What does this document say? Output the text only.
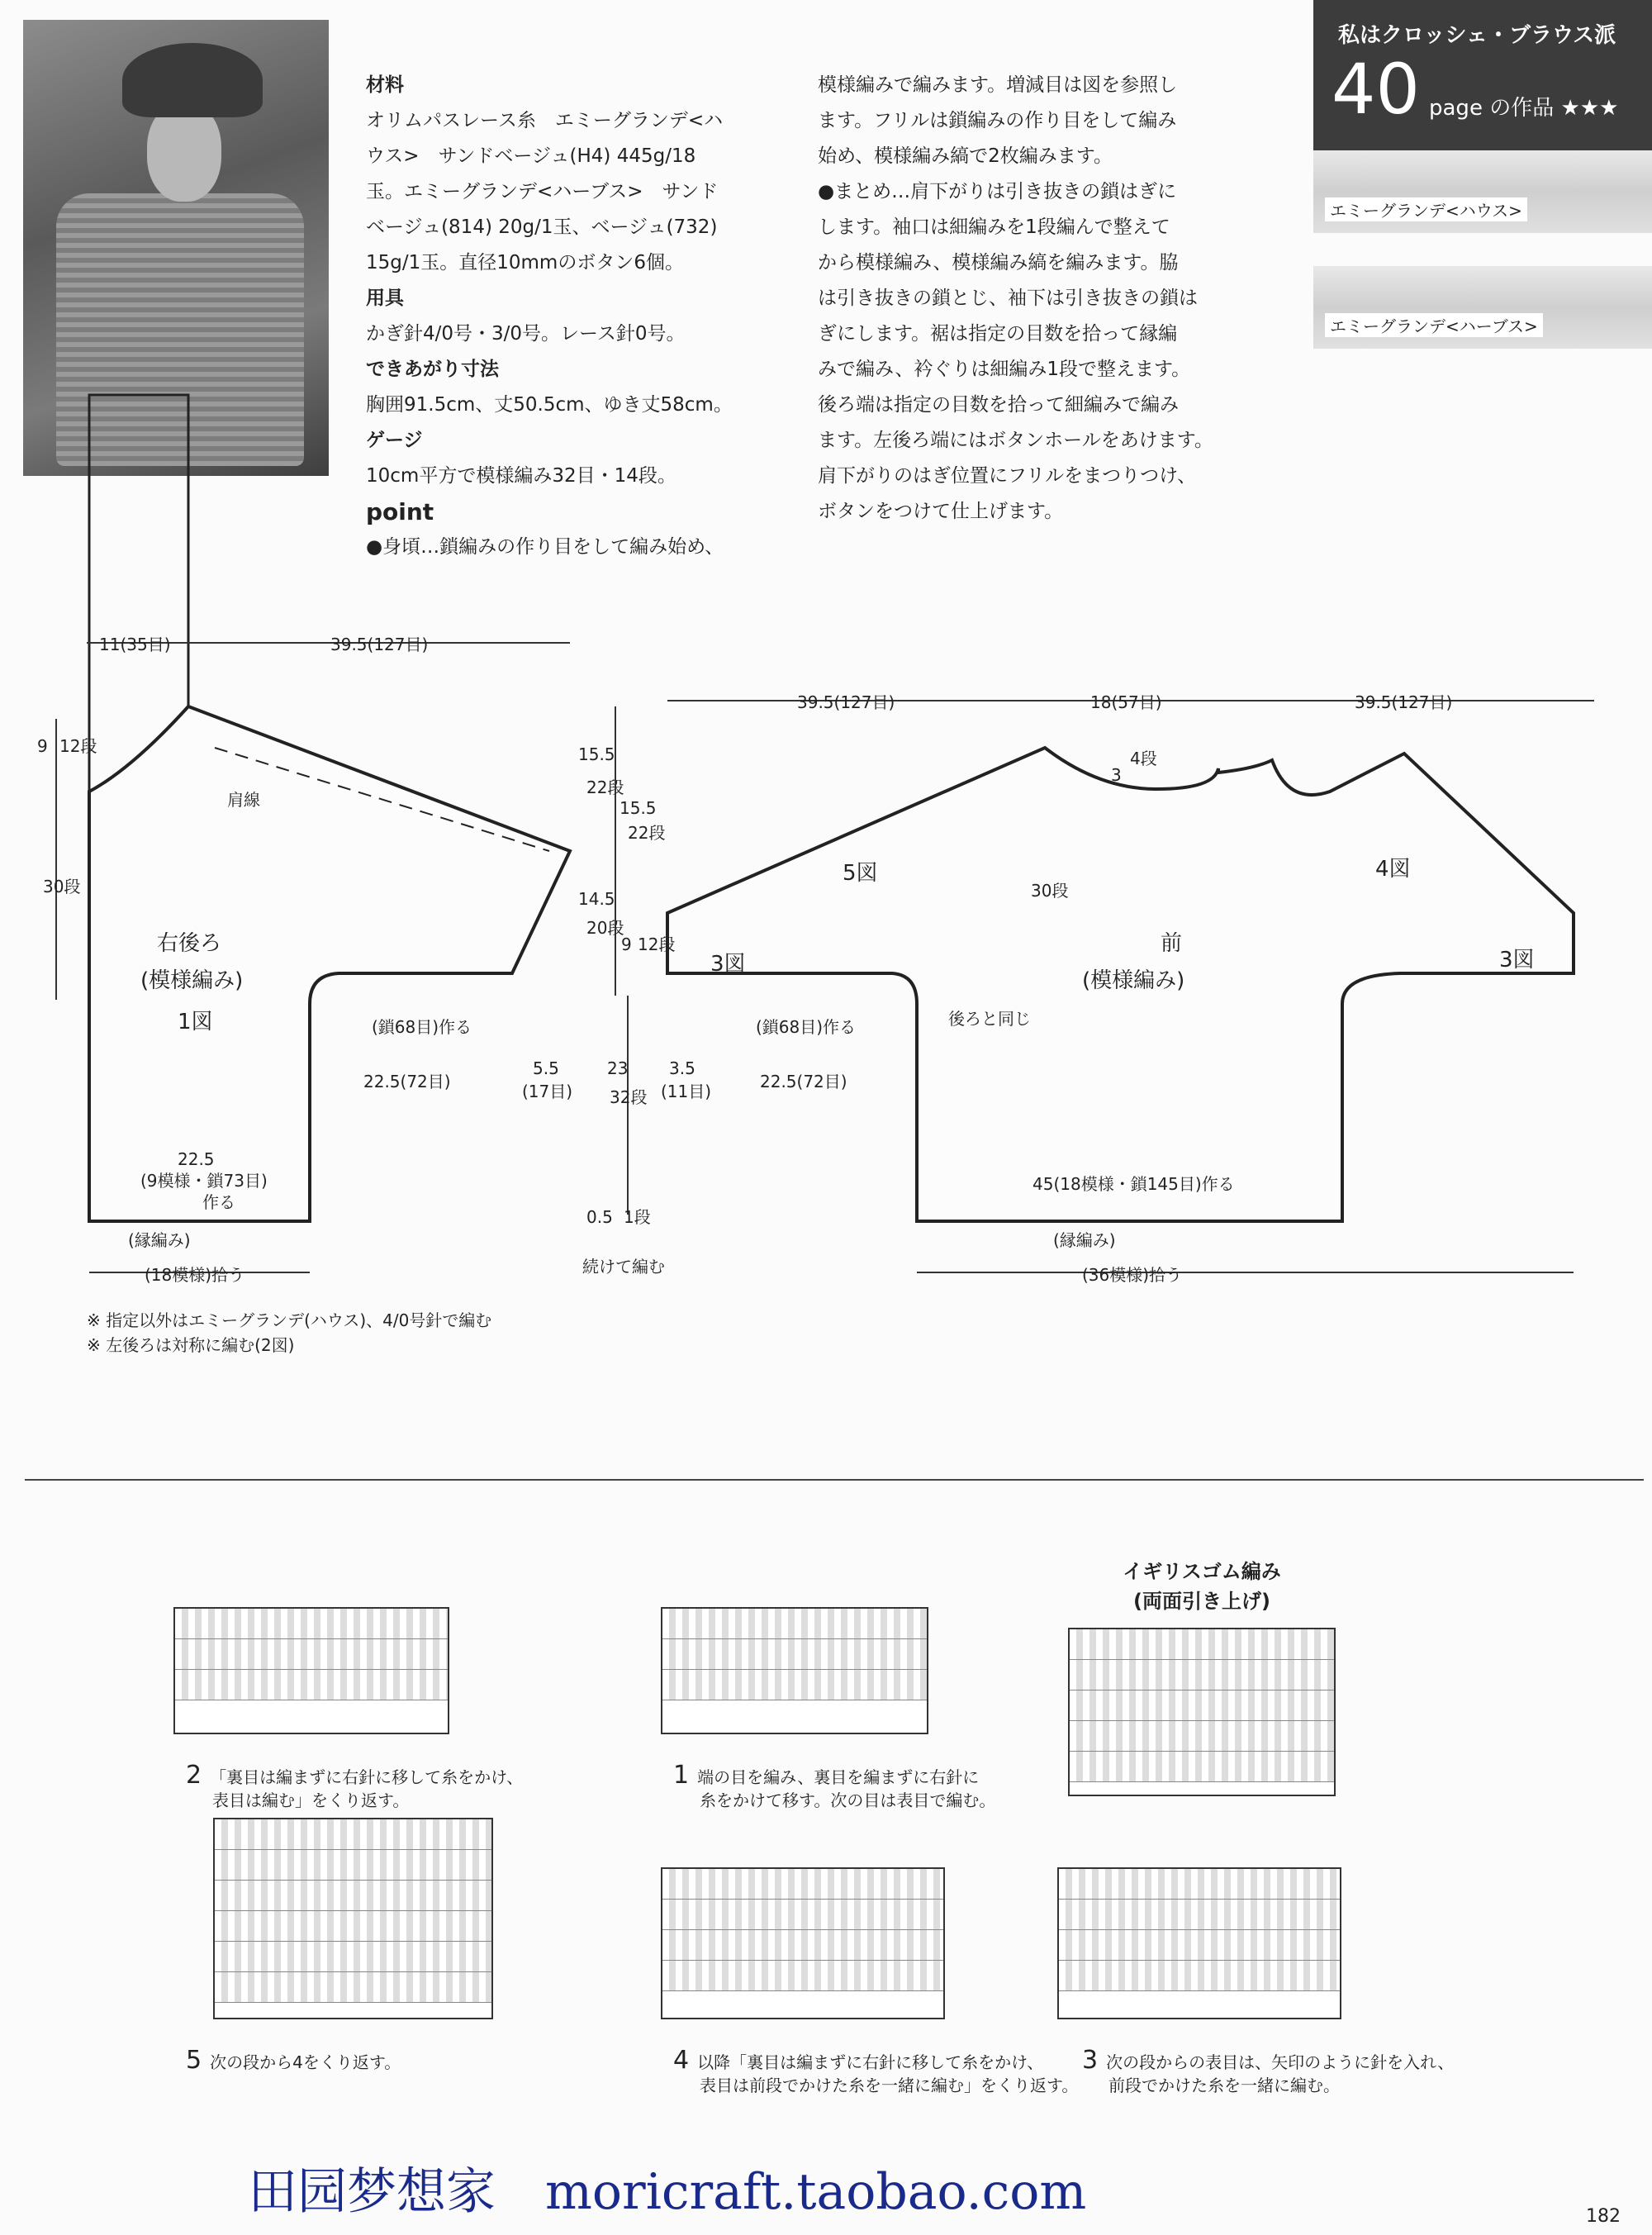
材料
オリムパスレース糸　エミーグランデ<ハ
ウス>　サンドベージュ(H4) 445g/18
玉。エミーグランデ<ハーブス>　サンド
ベージュ(814) 20g/1玉、ベージュ(732)
15g/1玉。直径10mmのボタン6個。
用具
かぎ針4/0号・3/0号。レース針0号。
できあがり寸法
胸囲91.5cm、丈50.5cm、ゆき丈58cm。
ゲージ
10cm平方で模様編み32目・14段。
point
●身頃…鎖編みの作り目をして編み始め、
模様編みで編みます。増減目は図を参照し
ます。フリルは鎖編みの作り目をして編み
始め、模様編み縞で2枚編みます。
●まとめ…肩下がりは引き抜きの鎖はぎに
します。袖口は細編みを1段編んで整えて
から模様編み、模様編み縞を編みます。脇
は引き抜きの鎖とじ、袖下は引き抜きの鎖は
ぎにします。裾は指定の目数を拾って縁編
みで編み、衿ぐりは細編み1段で整えます。
後ろ端は指定の目数を拾って細編みで編み
ます。左後ろ端にはボタンホールをあけます。
肩下がりのはぎ位置にフリルをまつりつけ、
ボタンをつけて仕上げます。
私はクロッシェ・ブラウス派
40 page の作品 ★★★
エミーグランデ<ハウス>
エミーグランデ<ハーブス>
11(35目)	39.5(127目)
39.5(127目)	18(57目)	39.5(127目)
9 12段
30段
15.5
22段
15.5
22段
14.5
20段
9 12段
3
4段
30段
(鎖68目)作る	(鎖68目)作る	後ろと同じ
22.5(72目)
5.5
(17目)
23
32段
3.5
(11目)	22.5(72目)
22.5
(9模様・鎖73目)
作る
45(18模様・鎖145目)作る
0.5 1段
(縁編み)	(縁編み)
(18模様)拾う	続けて編む	(36模様)拾う
肩線
右後ろ
(模様編み)
1図
前
(模様編み)
3図	3図
4図
5図
※ 指定以外はエミーグランデ(ハウス)、4/0号針で編む
※ 左後ろは対称に編む(2図)
イギリスゴム編み
(両面引き上げ)
2 「裏目は編まずに右針に移して糸をかけ、
表目は編む」をくり返す。
1 端の目を編み、裏目を編まずに右針に
糸をかけて移す。次の目は表目で編む。
5 次の段から4をくり返す。	4 以降「裏目は編まずに右針に移して糸をかけ、
表目は前段でかけた糸を一緒に編む」をくり返す。
3 次の段からの表目は、矢印のように針を入れ、
前段でかけた糸を一緒に編む。
田园梦想家　moricraft.taobao.com	182
